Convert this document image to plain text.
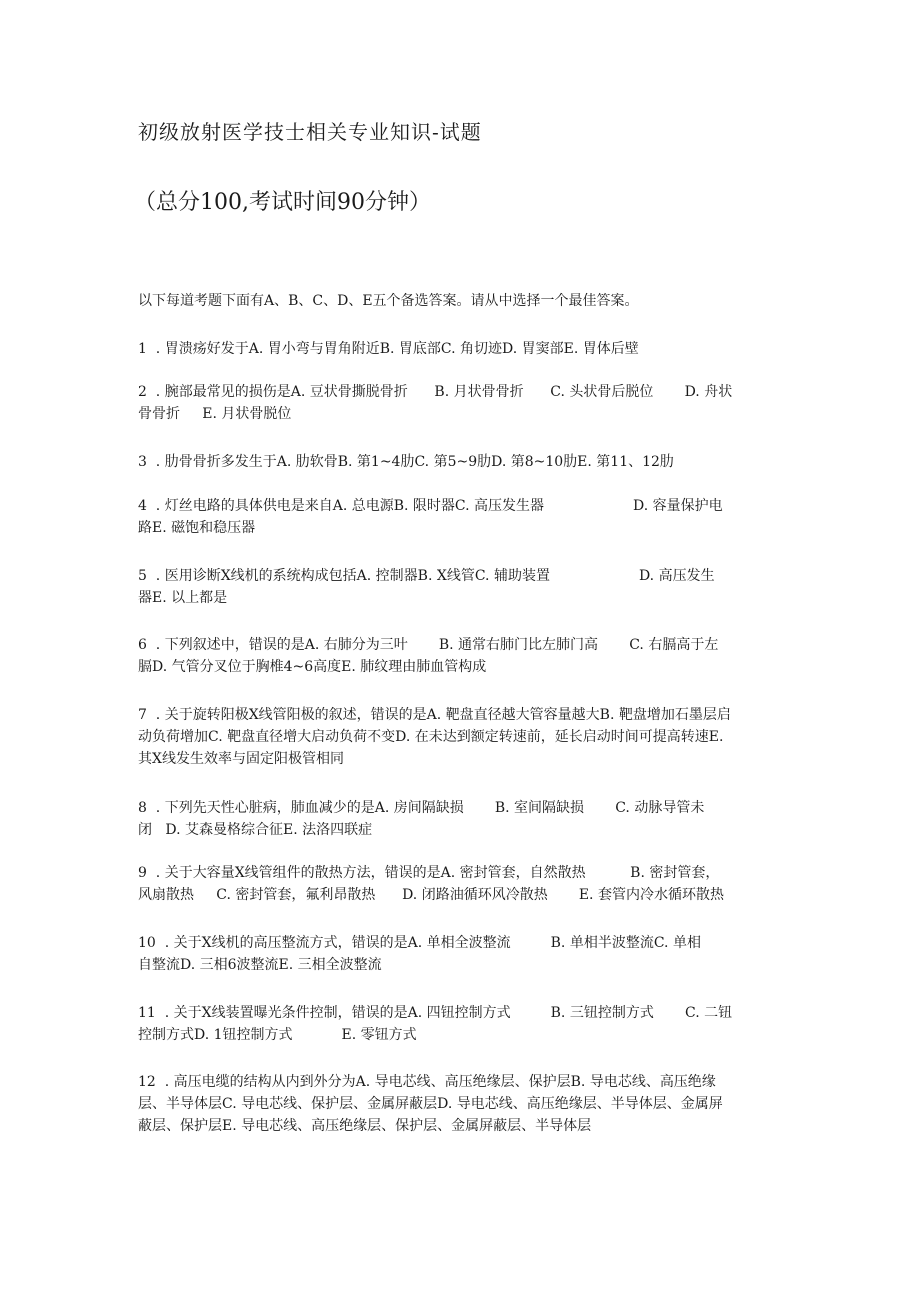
初级放射医学技士相关专业知识-试题
（总分100,考试时间90分钟）
以下每道考题下面有A、B、C、D、E五个备选答案。请从中选择一个最佳答案。
1  . 胃溃疡好发于A. 胃小弯与胃角附近B. 胃底部C. 角切迹D. 胃窦部E. 胃体后壁
2  . 腕部最常见的损伤是A. 豆状骨撕脱骨折      B. 月状骨骨折      C. 头状骨后脱位       D. 舟状
骨骨折     E. 月状骨脱位
3  . 肋骨骨折多发生于A. 肋软骨B. 第1~4肋C. 第5~9肋D. 第8~10肋E. 第11、12肋
4  . 灯丝电路的具体供电是来自A. 总电源B. 限时器C. 高压发生器                    D. 容量保护电
路E. 磁饱和稳压器
5  . 医用诊断X线机的系统构成包括A. 控制器B. X线管C. 辅助装置                    D. 高压发生
器E. 以上都是
6  . 下列叙述中，错误的是A. 右肺分为三叶       B. 通常右肺门比左肺门高       C. 右膈高于左
膈D. 气管分叉位于胸椎4~6高度E. 肺纹理由肺血管构成
7  . 关于旋转阳极X线管阳极的叙述，错误的是A. 靶盘直径越大管容量越大B. 靶盘增加石墨层启
动负荷增加C. 靶盘直径增大启动负荷不变D. 在未达到额定转速前，延长启动时间可提高转速E.
其X线发生效率与固定阳极管相同
8  . 下列先天性心脏病，肺血减少的是A. 房间隔缺损       B. 室间隔缺损       C. 动脉导管未
闭   D. 艾森曼格综合征E. 法洛四联症
9  . 关于大容量X线管组件的散热方法，错误的是A. 密封管套，自然散热          B. 密封管套，
风扇散热     C. 密封管套，氟利昂散热      D. 闭路油循环风冷散热       E. 套管内冷水循环散热
10  . 关于X线机的高压整流方式，错误的是A. 单相全波整流         B. 单相半波整流C. 单相
自整流D. 三相6波整流E. 三相全波整流
11  . 关于X线装置曝光条件控制，错误的是A. 四钮控制方式         B. 三钮控制方式       C. 二钮
控制方式D. 1钮控制方式           E. 零钮方式
12  . 高压电缆的结构从内到外分为A. 导电芯线、高压绝缘层、保护层B. 导电芯线、高压绝缘
层、半导体层C. 导电芯线、保护层、金属屏蔽层D. 导电芯线、高压绝缘层、半导体层、金属屏
蔽层、保护层E. 导电芯线、高压绝缘层、保护层、金属屏蔽层、半导体层
